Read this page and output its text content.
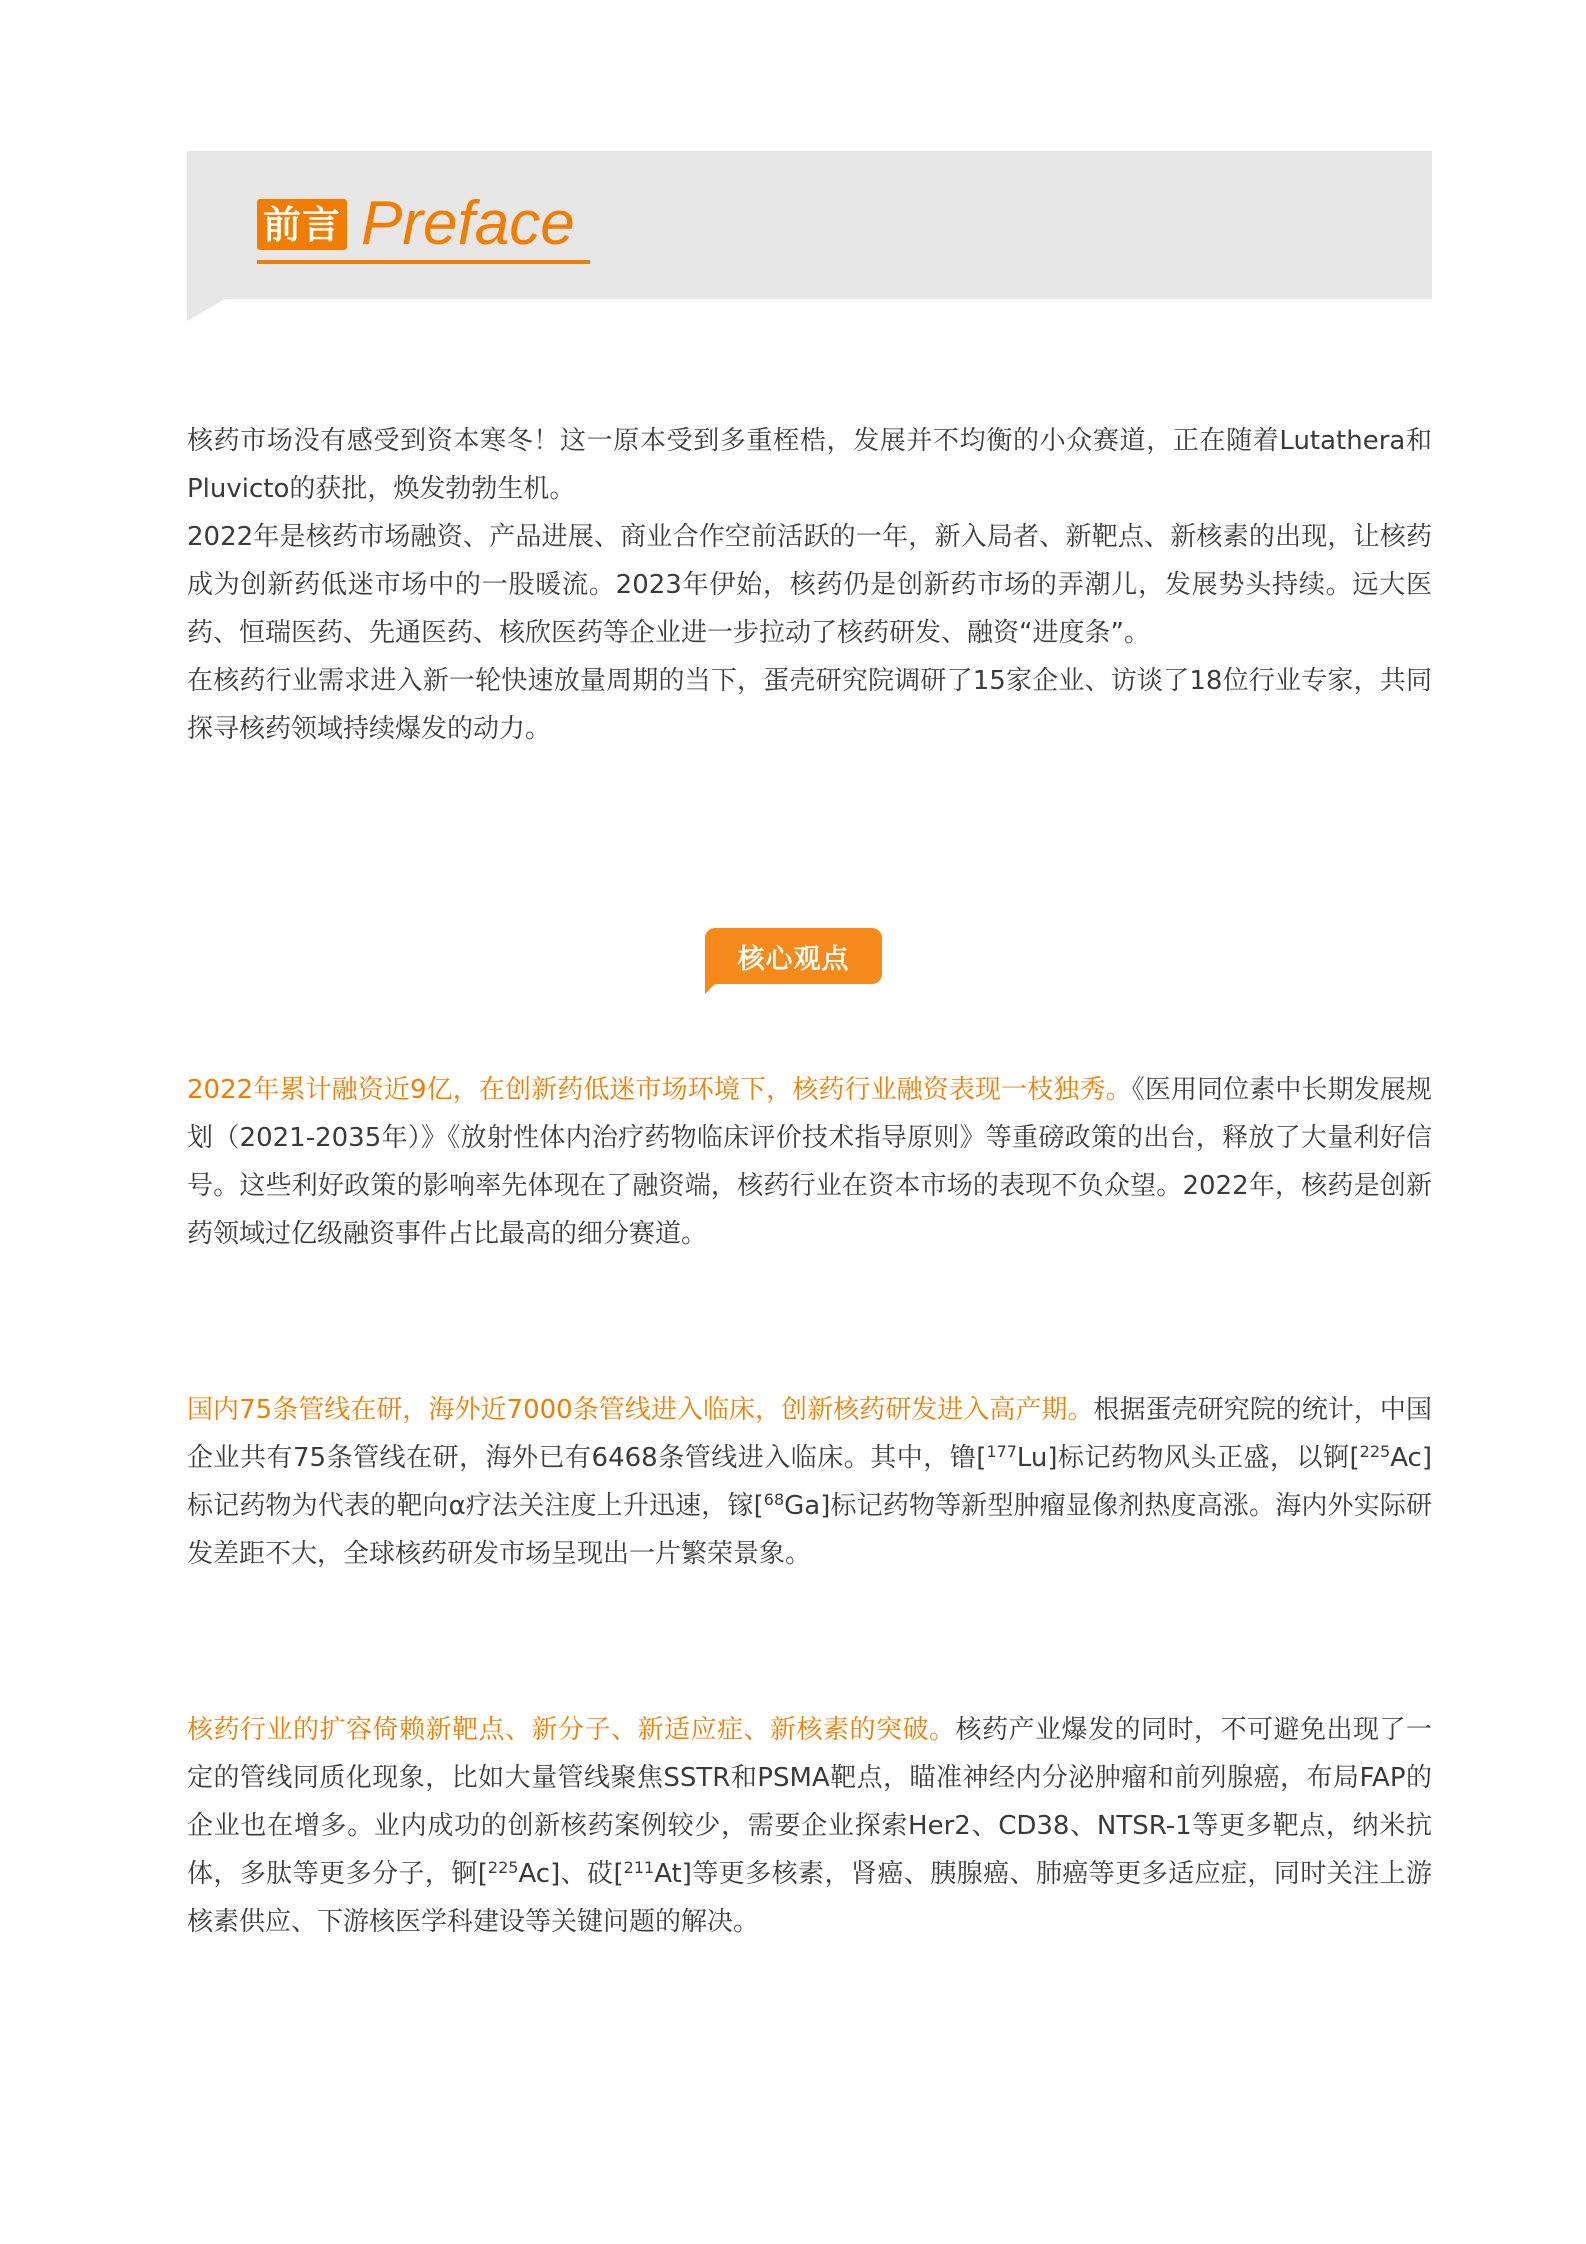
前言 Preface

核药市场没有感受到资本寒冬！这一原本受到多重桎梏，发展并不均衡的小众赛道，正在随着Lutathera和Pluvicto的获批，焕发勃勃生机。

2022年是核药市场融资、产品进展、商业合作空前活跃的一年，新入局者、新靶点、新核素的出现，让核药成为创新药低迷市场中的一股暖流。2023年伊始，核药仍是创新药市场的弄潮儿，发展势头持续。远大医药、恒瑞医药、先通医药、核欣医药等企业进一步拉动了核药研发、融资“进度条”。

在核药行业需求进入新一轮快速放量周期的当下，蛋壳研究院调研了15家企业、访谈了18位行业专家，共同探寻核药领域持续爆发的动力。

核心观点

2022年累计融资近9亿，在创新药低迷市场环境下，核药行业融资表现一枝独秀。《医用同位素中长期发展规划（2021-2035年）》《放射性体内治疗药物临床评价技术指导原则》等重磅政策的出台，释放了大量利好信号。这些利好政策的影响率先体现在了融资端，核药行业在资本市场的表现不负众望。2022年，核药是创新药领域过亿级融资事件占比最高的细分赛道。

国内75条管线在研，海外近7000条管线进入临床，创新核药研发进入高产期。根据蛋壳研究院的统计，中国企业共有75条管线在研，海外已有6468条管线进入临床。其中，镥[$^{177}$Lu]标记药物风头正盛，以锕[$^{225}$Ac]标记药物为代表的靶向α疗法关注度上升迅速，镓[$^{68}$Ga]标记药物等新型肿瘤显像剂热度高涨。海内外实际研发差距不大，全球核药研发市场呈现出一片繁荣景象。

核药行业的扩容倚赖新靶点、新分子、新适应症、新核素的突破。核药产业爆发的同时，不可避免出现了一定的管线同质化现象，比如大量管线聚焦SSTR和PSMA靶点，瞄准神经内分泌肿瘤和前列腺癌，布局FAP的企业也在增多。业内成功的创新核药案例较少，需要企业探索Her2、CD38、NTSR-1等更多靶点，纳米抗体，多肽等更多分子，锕[$^{225}$Ac]、砹[$^{211}$At]等更多核素，肾癌、胰腺癌、肺癌等更多适应症，同时关注上游核素供应、下游核医学科建设等关键问题的解决。
